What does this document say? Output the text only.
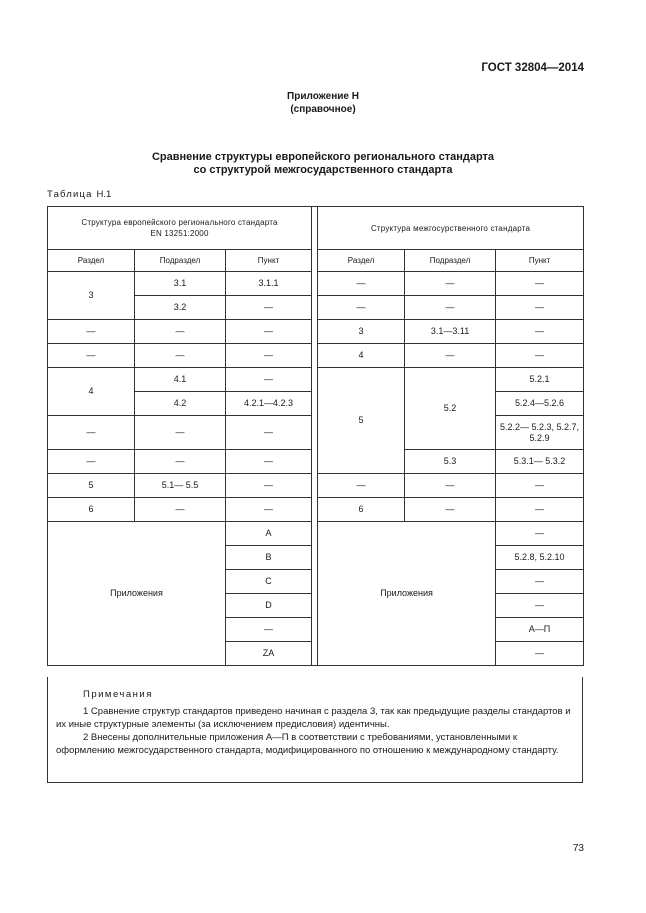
ГОСТ 32804—2014
Приложение Н
(справочное)
Сравнение структуры европейского регионального стандарта
со структурой межгосударственного стандарта
Таблица Н.1
Структура европейского регионального стандарта
EN 13251:2000				Структура межгосурственного стандарта		
Раздел	Подраздел	Пункт		Раздел	Подраздел	Пункт
3	3.1	3.1.1		—	—	—
	3.2	—		—	—	—
—	—	—		3	3.1—3.11	—
—	—	—		4	—	—
4	4.1	—		5	5.2	5.2.1
	4.2	4.2.1—4.2.3				5.2.4—5.2.6
—	—	—				5.2.2— 5.2.3, 5.2.7, 5.2.9
—	—	—			5.3	5.3.1— 5.3.2
5	5.1— 5.5	—		—	—	—
6	—	—		6	—	—
Приложения		A		Приложения		—
		B				5.2.8, 5.2.10
		C				—
		D				—
		—				А—П
		ZA				—
Примечания
1 Сравнение структур стандартов приведено начиная с раздела 3, так как предыдущие разделы стандартов и их иные структурные элементы (за исключением предисловия) идентичны.
2 Внесены дополнительные приложения А—П в соответствии с требованиями, установленными к оформлению межгосударственного стандарта, модифицированного по отношению к международному стандарту.
73
